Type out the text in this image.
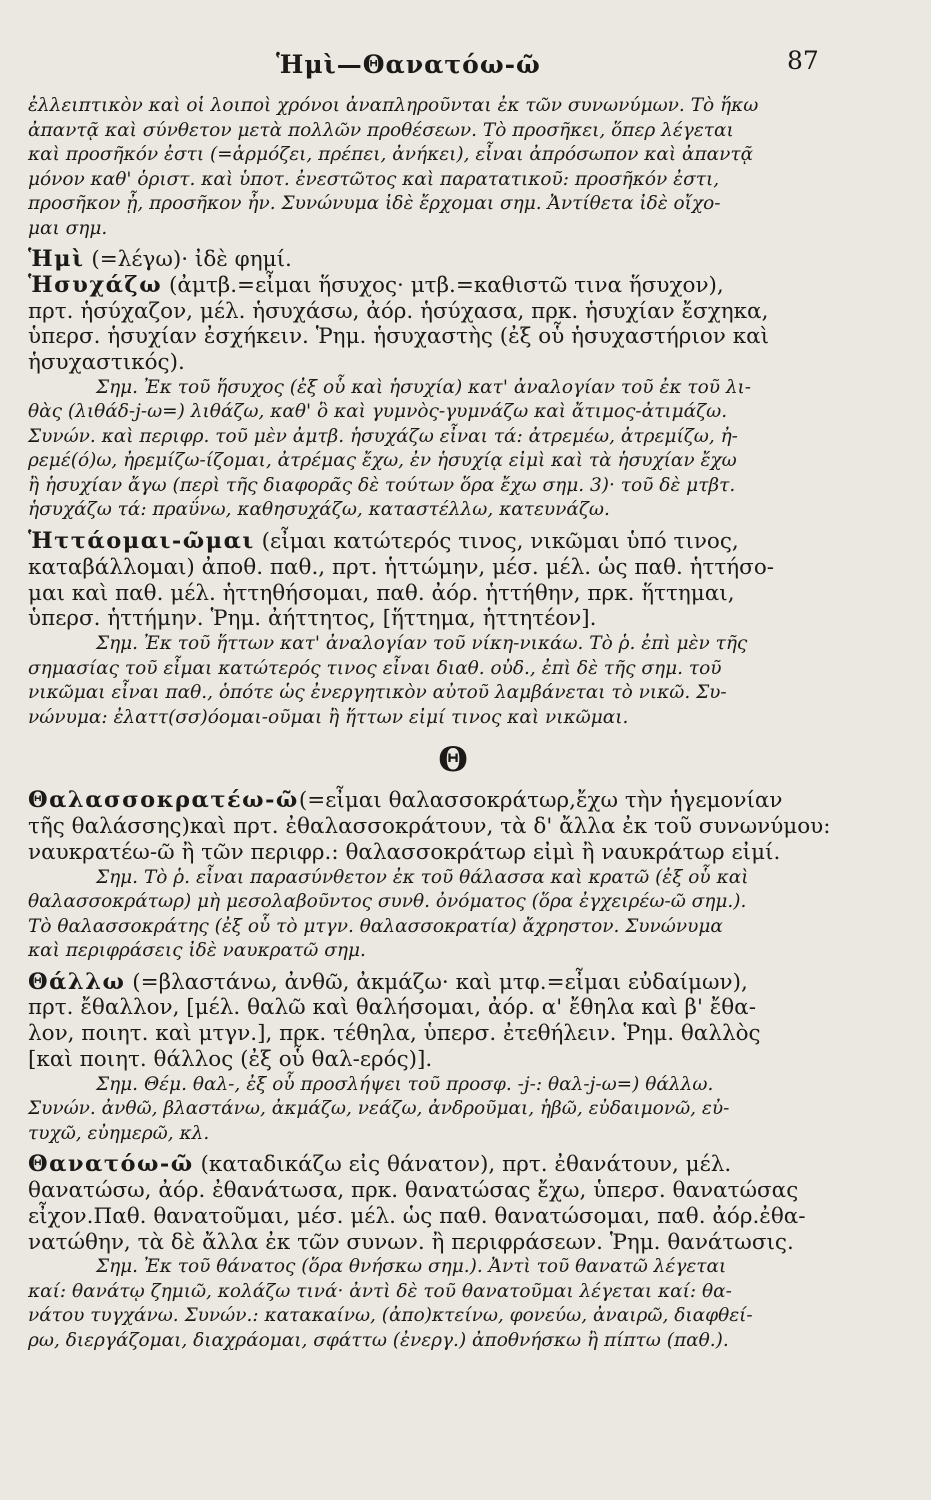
Ἡμὶ—Θανατόω-ῶ	87

ἐλλειπτικὸν καὶ οἱ λοιποὶ χρόνοι ἀναπληροῦνται ἐκ τῶν συνωνύμων. Τὸ ἥκω

ἀπαντᾷ καὶ σύνθετον μετὰ πολλῶν προθέσεων. Τὸ προσῆκει, ὅπερ λέγεται

καὶ προσῆκόν ἐστι (=ἁρμόζει, πρέπει, ἀνήκει), εἶναι ἀπρόσωπον καὶ ἀπαντᾷ

μόνον καθ' ὁριστ. καὶ ὑποτ. ἐνεστῶτος καὶ παρατατικοῦ: προσῆκόν ἐστι,

προσῆκον ᾖ, προσῆκον ἦν. Συνώνυμα ἰδὲ ἔρχομαι σημ. Ἀντίθετα ἰδὲ οἴχο-

μαι σημ.

Ἡμὶ (=λέγω)· ἰδὲ φημί.

Ἡσυχάζω (ἀμτβ.=εἶμαι ἥσυχος· μτβ.=καθιστῶ τινα ἥσυχον),

πρτ. ἡσύχαζον, μέλ. ἡσυχάσω, ἀόρ. ἡσύχασα, πρκ. ἡσυχίαν ἔσχηκα,

ὑπερσ. ἡσυχίαν ἐσχήκειν. Ῥημ. ἡσυχαστὴς (ἐξ οὗ ἡσυχαστήριον καὶ

ἡσυχαστικός).

Σημ. Ἐκ τοῦ ἥσυχος (ἐξ οὗ καὶ ἡσυχία) κατ' ἀναλογίαν τοῦ ἐκ τοῦ λι-

θὰς (λιθάδ-j-ω=) λιθάζω, καθ' ὃ καὶ γυμνὸς-γυμνάζω καὶ ἄτιμος-ἀτιμάζω.

Συνών. καὶ περιφρ. τοῦ μὲν ἀμτβ. ἡσυχάζω εἶναι τά: ἀτρεμέω, ἀτρεμίζω, ἠ-

ρεμέ(ό)ω, ἠρεμίζω-ίζομαι, ἀτρέμας ἔχω, ἐν ἡσυχίᾳ εἰμὶ καὶ τὰ ἡσυχίαν ἔχω

ἢ ἡσυχίαν ἄγω (περὶ τῆς διαφορᾶς δὲ τούτων ὅρα ἔχω σημ. 3)· τοῦ δὲ μτβτ.

ἡσυχάζω τά: πραΰνω, καθησυχάζω, καταστέλλω, κατευνάζω.

Ἡττάομαι-ῶμαι (εἶμαι κατώτερός τινος, νικῶμαι ὑπό τινος,

καταβάλλομαι) ἀποθ. παθ., πρτ. ἡττώμην, μέσ. μέλ. ὡς παθ. ἡττήσο-

μαι καὶ παθ. μέλ. ἡττηθήσομαι, παθ. ἀόρ. ἡττήθην, πρκ. ἥττημαι,

ὑπερσ. ἡττήμην. Ῥημ. ἀήττητος, [ἥττημα, ἡττητέον].

Σημ. Ἐκ τοῦ ἥττων κατ' ἀναλογίαν τοῦ νίκη-νικάω. Τὸ ῥ. ἐπὶ μὲν τῆς

σημασίας τοῦ εἶμαι κατώτερός τινος εἶναι διαθ. οὐδ., ἐπὶ δὲ τῆς σημ. τοῦ

νικῶμαι εἶναι παθ., ὁπότε ὡς ἐνεργητικὸν αὐτοῦ λαμβάνεται τὸ νικῶ. Συ-

νώνυμα: ἐλαττ(σσ)όομαι-οῦμαι ἢ ἥττων εἰμί τινος καὶ νικῶμαι.

Θ

Θαλασσοκρατέω-ῶ(=εἶμαι θαλασσοκράτωρ,ἔχω τὴν ἡγεμονίαν

τῆς θαλάσσης)καὶ πρτ. ἐθαλασσοκράτουν, τὰ δ' ἄλλα ἐκ τοῦ συνωνύμου:

ναυκρατέω-ῶ ἢ τῶν περιφρ.: θαλασσοκράτωρ εἰμὶ ἢ ναυκράτωρ εἰμί.

Σημ. Τὸ ῥ. εἶναι παρασύνθετον ἐκ τοῦ θάλασσα καὶ κρατῶ (ἐξ οὗ καὶ

θαλασσοκράτωρ) μὴ μεσολαβοῦντος συνθ. ὀνόματος (ὅρα ἐγχειρέω-ῶ σημ.).

Τὸ θαλασσοκράτης (ἐξ οὗ τὸ μτγν. θαλασσοκρατία) ἄχρηστον. Συνώνυμα

καὶ περιφράσεις ἰδὲ ναυκρατῶ σημ.

Θάλλω (=βλαστάνω, ἀνθῶ, ἀκμάζω· καὶ μτφ.=εἶμαι εὐδαίμων),

πρτ. ἔθαλλον, [μέλ. θαλῶ καὶ θαλήσομαι, ἀόρ. α' ἔθηλα καὶ β' ἔθα-

λον, ποιητ. καὶ μτγν.], πρκ. τέθηλα, ὑπερσ. ἐτεθήλειν. Ῥημ. θαλλὸς

[καὶ ποιητ. θάλλος (ἐξ οὗ θαλ-ερός)].

Σημ. Θέμ. θαλ-, ἐξ οὗ προσλήψει τοῦ προσφ. -j-: θαλ-j-ω=) θάλλω.

Συνών. ἀνθῶ, βλαστάνω, ἀκμάζω, νεάζω, ἀνδροῦμαι, ἡβῶ, εὐδαιμονῶ, εὐ-

τυχῶ, εὐημερῶ, κλ.

Θανατόω-ῶ (καταδικάζω εἰς θάνατον), πρτ. ἐθανάτουν, μέλ.

θανατώσω, ἀόρ. ἐθανάτωσα, πρκ. θανατώσας ἔχω, ὑπερσ. θανατώσας

εἶχον.Παθ. θανατοῦμαι, μέσ. μέλ. ὡς παθ. θανατώσομαι, παθ. ἀόρ.ἐθα-

νατώθην, τὰ δὲ ἄλλα ἐκ τῶν συνων. ἢ περιφράσεων. Ῥημ. θανάτωσις.

Σημ. Ἐκ τοῦ θάνατος (ὅρα θνήσκω σημ.). Ἀντὶ τοῦ θανατῶ λέγεται

καί: θανάτῳ ζημιῶ, κολάζω τινά· ἀντὶ δὲ τοῦ θανατοῦμαι λέγεται καί: θα-

νάτου τυγχάνω. Συνών.: κατακαίνω, (ἀπο)κτείνω, φονεύω, ἀναιρῶ, διαφθεί-

ρω, διεργάζομαι, διαχράομαι, σφάττω (ἐνεργ.) ἀποθνήσκω ἢ πίπτω (παθ.).
